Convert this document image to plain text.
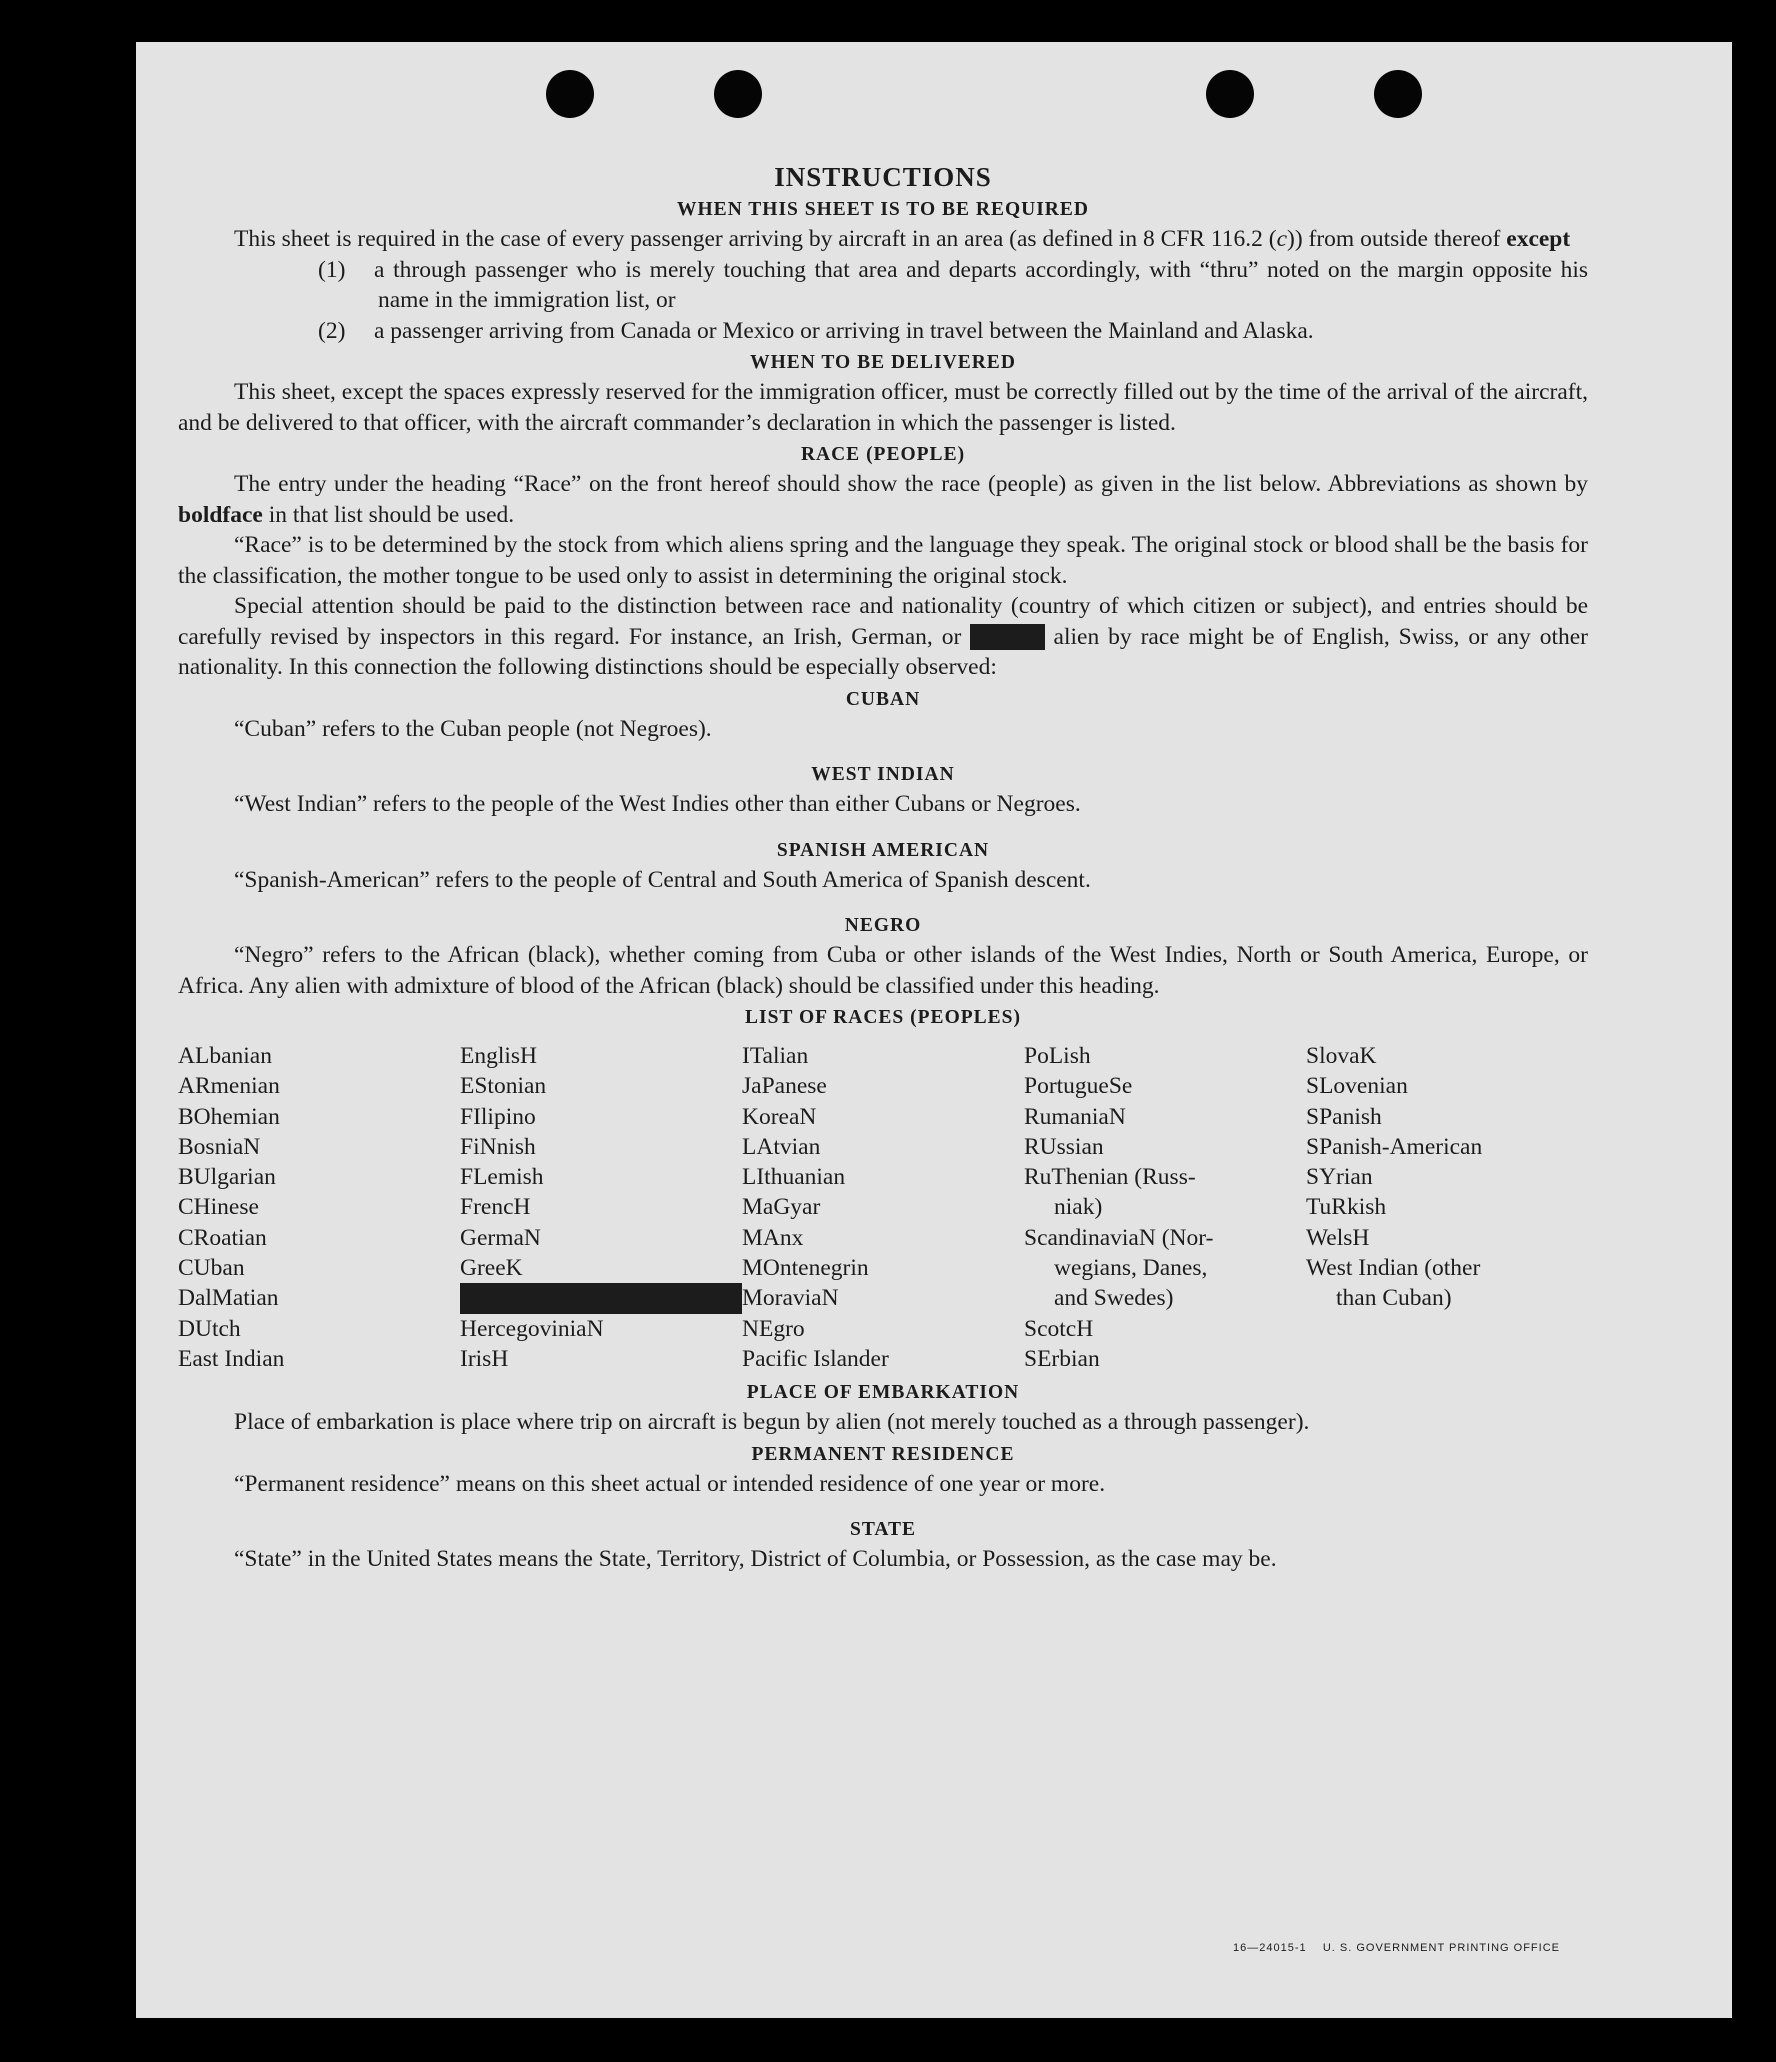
INSTRUCTIONS
WHEN THIS SHEET IS TO BE REQUIRED

This sheet is required in the case of every passenger arriving by aircraft in an area (as defined in 8 CFR 116.2 (c)) from outside thereof except

(1) a through passenger who is merely touching that area and departs accordingly, with “thru” noted on the margin opposite his name in the immigration list, or

(2) a passenger arriving from Canada or Mexico or arriving in travel between the Mainland and Alaska.

WHEN TO BE DELIVERED

This sheet, except the spaces expressly reserved for the immigration officer, must be correctly filled out by the time of the arrival of the aircraft, and be delivered to that officer, with the aircraft commander’s declaration in which the passenger is listed.

RACE (PEOPLE)

The entry under the heading “Race” on the front hereof should show the race (people) as given in the list below. Abbreviations as shown by boldface in that list should be used.

“Race” is to be determined by the stock from which aliens spring and the language they speak. The original stock or blood shall be the basis for the classification, the mother tongue to be used only to assist in determining the original stock.

Special attention should be paid to the distinction between race and nationality (country of which citizen or subject), and entries should be carefully revised by inspectors in this regard. For instance, an Irish, German, or Hebrew alien by race might be of English, Swiss, or any other nationality. In this connection the following distinctions should be especially observed:

CUBAN

“Cuban” refers to the Cuban people (not Negroes).

WEST INDIAN

“West Indian” refers to the people of the West Indies other than either Cubans or Negroes.

SPANISH AMERICAN

“Spanish-American” refers to the people of Central and South America of Spanish descent.

NEGRO

“Negro” refers to the African (black), whether coming from Cuba or other islands of the West Indies, North or South America, Europe, or Africa. Any alien with admixture of blood of the African (black) should be classified under this heading.

LIST OF RACES (PEOPLES)
ALbanian
ARmenian
BOhemian
BosniaN
BUlgarian
CHinese
CRoatian
CUban
DalMatian
DUtch
East Indian
EnglisH
EStonian
FIlipino
FiNnish
FLemish
FrencH
GermaN
GreeK
HebreW
HercegoviniaN
IrisH
ITalian
JaPanese
KoreaN
LAtvian
LIthuanian
MaGyar
MAnx
MOntenegrin
MoraviaN
NEgro
Pacific Islander
PoLish
PortugueSe
RumaniaN
RUssian
RuThenian (Russ-
niak)
ScandinaviaN (Nor-
wegians, Danes,
and Swedes)
ScotcH
SErbian
SlovaK
SLovenian
SPanish
SPanish-American
SYrian
TuRkish
WelsH
West Indian (other
than Cuban)
PLACE OF EMBARKATION

Place of embarkation is place where trip on aircraft is begun by alien (not merely touched as a through passenger).

PERMANENT RESIDENCE

“Permanent residence” means on this sheet actual or intended residence of one year or more.

STATE

“State” in the United States means the State, Territory, District of Columbia, or Possession, as the case may be.

16—24015-1 U. S. GOVERNMENT PRINTING OFFICE
